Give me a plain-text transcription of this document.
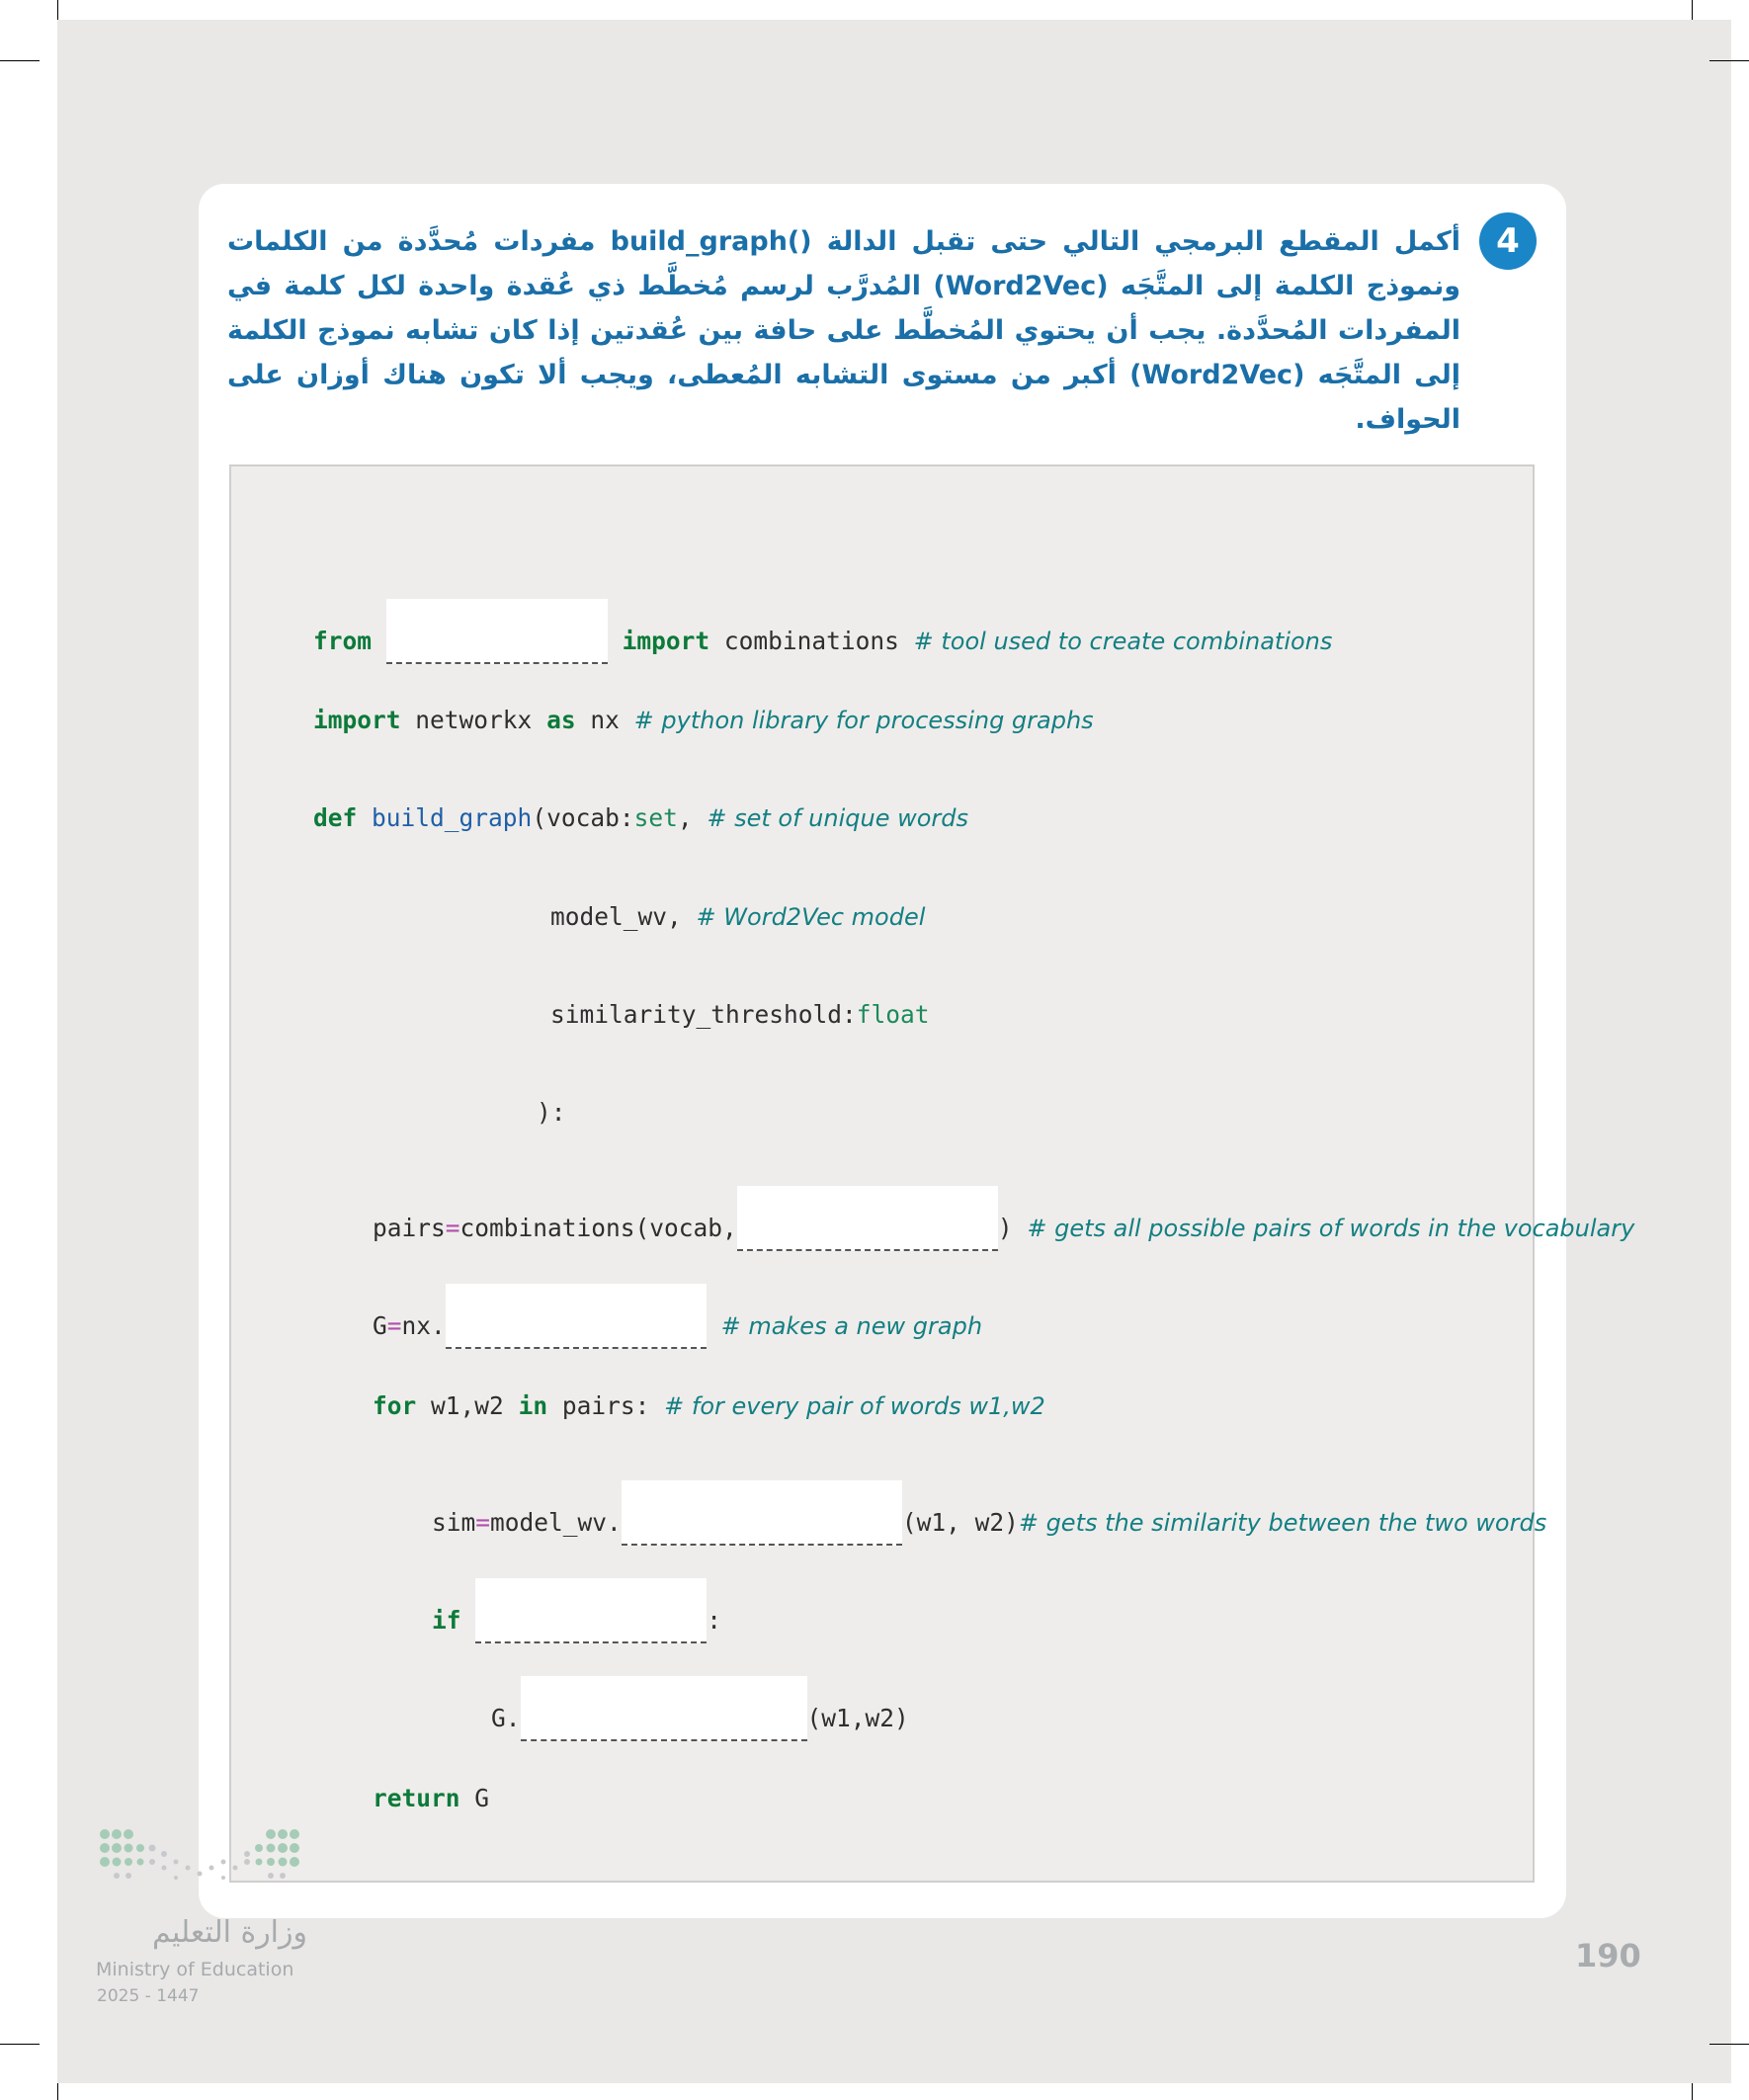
4
أكمل المقطع البرمجي التالي حتى تقبل الدالة ()build_graph مفردات مُحدَّدة من الكلمات ونموذج الكلمة إلى المتَّجَه (Word2Vec) المُدرَّب لرسم مُخطَّط ذي عُقدة واحدة لكل كلمة في المفردات المُحدَّدة. يجب أن يحتوي المُخطَّط على حافة بين عُقدتين إذا كان تشابه نموذج الكلمة إلى المتَّجَه (Word2Vec) أكبر من مستوى التشابه المُعطى، ويجب ألا تكون هناك أوزان على الحواف.

from	import combinations # tool used to create combinations

import networkx as nx # python library for processing graphs

def build_graph(vocab:set, # set of unique words

model_wv, # Word2Vec model

similarity_threshold:float

):

pairs=combinations(vocab,	) # gets all possible pairs of words in the vocabulary

G=nx.	# makes a new graph

for w1,w2 in pairs: # for every pair of words w1,w2

sim=model_wv.	(w1, w2)# gets the similarity between the two words

if	:

G.	(w1,w2)

return G

وزارة التعليم
Ministry of Education
2025 - 1447
190
